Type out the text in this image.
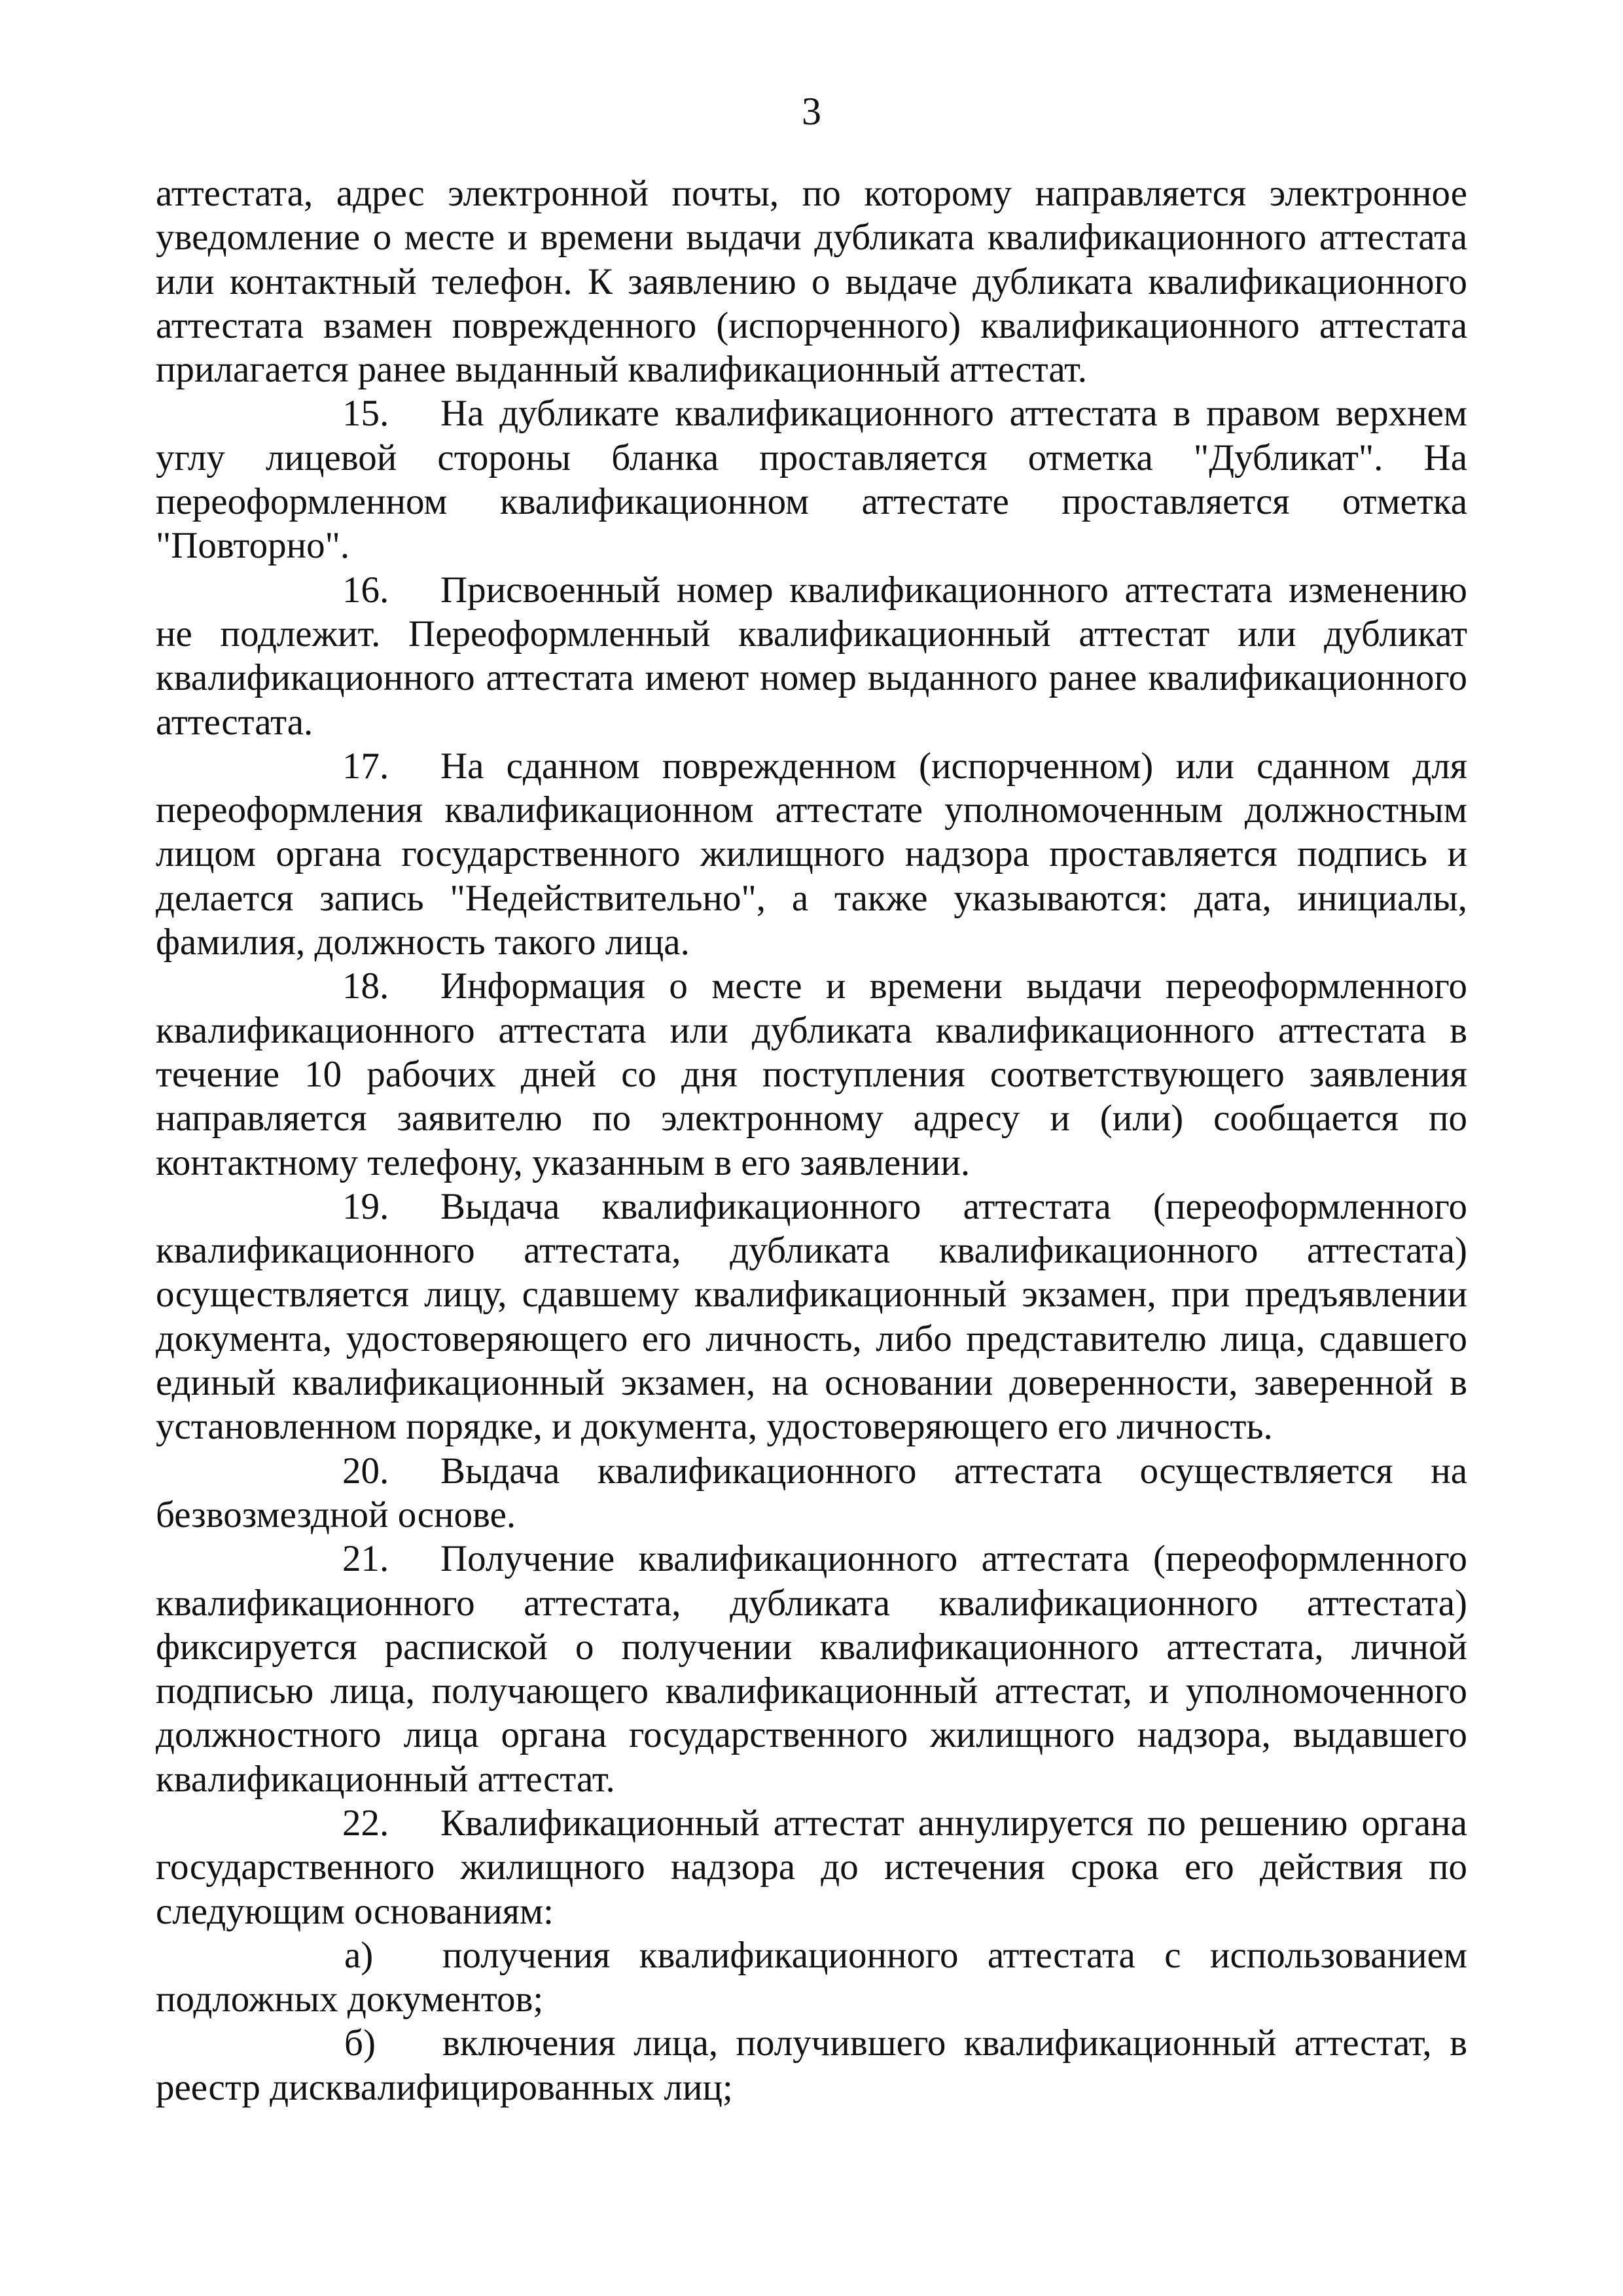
3

аттестата, адрес электронной почты, по которому направляется электронное уведомление о месте и времени выдачи дубликата квалификационного аттестата или контактный телефон. К заявлению о выдаче дубликата квалификационного аттестата взамен поврежденного (испорченного) квалификационного аттестата прилагается ранее выданный квалификационный аттестат.

15. На дубликате квалификационного аттестата в правом верхнем углу лицевой стороны бланка проставляется отметка "Дубликат". На переоформленном квалификационном аттестате проставляется отметка "Повторно".

16. Присвоенный номер квалификационного аттестата изменению не подлежит. Переоформленный квалификационный аттестат или дубликат квалификационного аттестата имеют номер выданного ранее квалификационного аттестата.

17. На сданном поврежденном (испорченном) или сданном для переоформления квалификационном аттестате уполномоченным должностным лицом органа государственного жилищного надзора проставляется подпись и делается запись "Недействительно", а также указываются: дата, инициалы, фамилия, должность такого лица.

18. Информация о месте и времени выдачи переоформленного квалификационного аттестата или дубликата квалификационного аттестата в течение 10 рабочих дней со дня поступления соответствующего заявления направляется заявителю по электронному адресу и (или) сообщается по контактному телефону, указанным в его заявлении.

19. Выдача квалификационного аттестата (переоформленного квалификационного аттестата, дубликата квалификационного аттестата) осуществляется лицу, сдавшему квалификационный экзамен, при предъявлении документа, удостоверяющего его личность, либо представителю лица, сдавшего единый квалификационный экзамен, на основании доверенности, заверенной в установленном порядке, и документа, удостоверяющего его личность.

20. Выдача квалификационного аттестата осуществляется на безвозмездной основе.

21. Получение квалификационного аттестата (переоформленного квалификационного аттестата, дубликата квалификационного аттестата) фиксируется распиской о получении квалификационного аттестата, личной подписью лица, получающего квалификационный аттестат, и уполномоченного должностного лица органа государственного жилищного надзора, выдавшего квалификационный аттестат.

22. Квалификационный аттестат аннулируется по решению органа государственного жилищного надзора до истечения срока его действия по следующим основаниям:

а) получения квалификационного аттестата с использованием подложных документов;

б) включения лица, получившего квалификационный аттестат, в реестр дисквалифицированных лиц;
